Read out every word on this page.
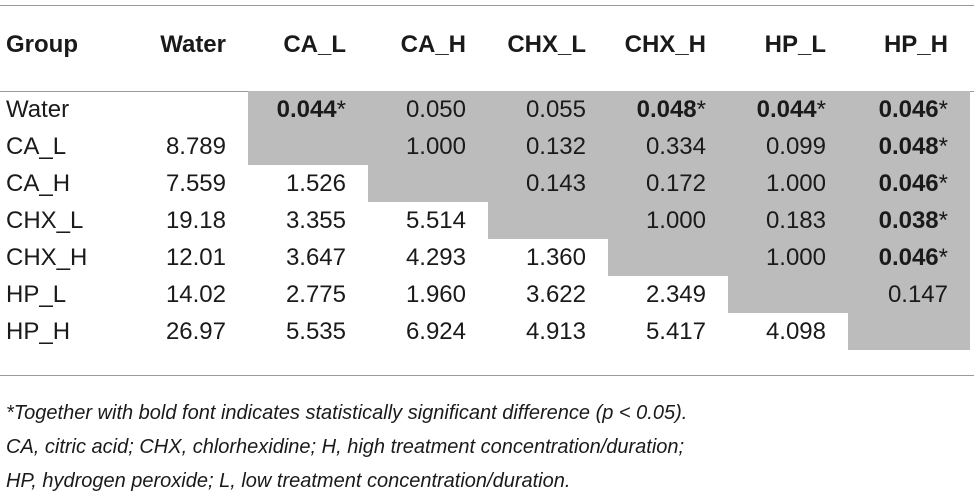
Group	Water	CA_L	CA_H	CHX_L	CHX_H	HP_L	HP_H

Water		0.044*	0.050	0.055	0.048*	0.044*	0.046*
CA_L	8.789		1.000	0.132	0.334	0.099	0.048*
CA_H	7.559	1.526		0.143	0.172	1.000	0.046*
CHX_L	19.18	3.355	5.514		1.000	0.183	0.038*
CHX_H	12.01	3.647	4.293	1.360		1.000	0.046*
HP_L	14.02	2.775	1.960	3.622	2.349		0.147
HP_H	26.97	5.535	6.924	4.913	5.417	4.098	
*Together with bold font indicates statistically significant difference (p < 0.05).
CA, citric acid; CHX, chlorhexidine; H, high treatment concentration/duration;
HP, hydrogen peroxide; L, low treatment concentration/duration.
